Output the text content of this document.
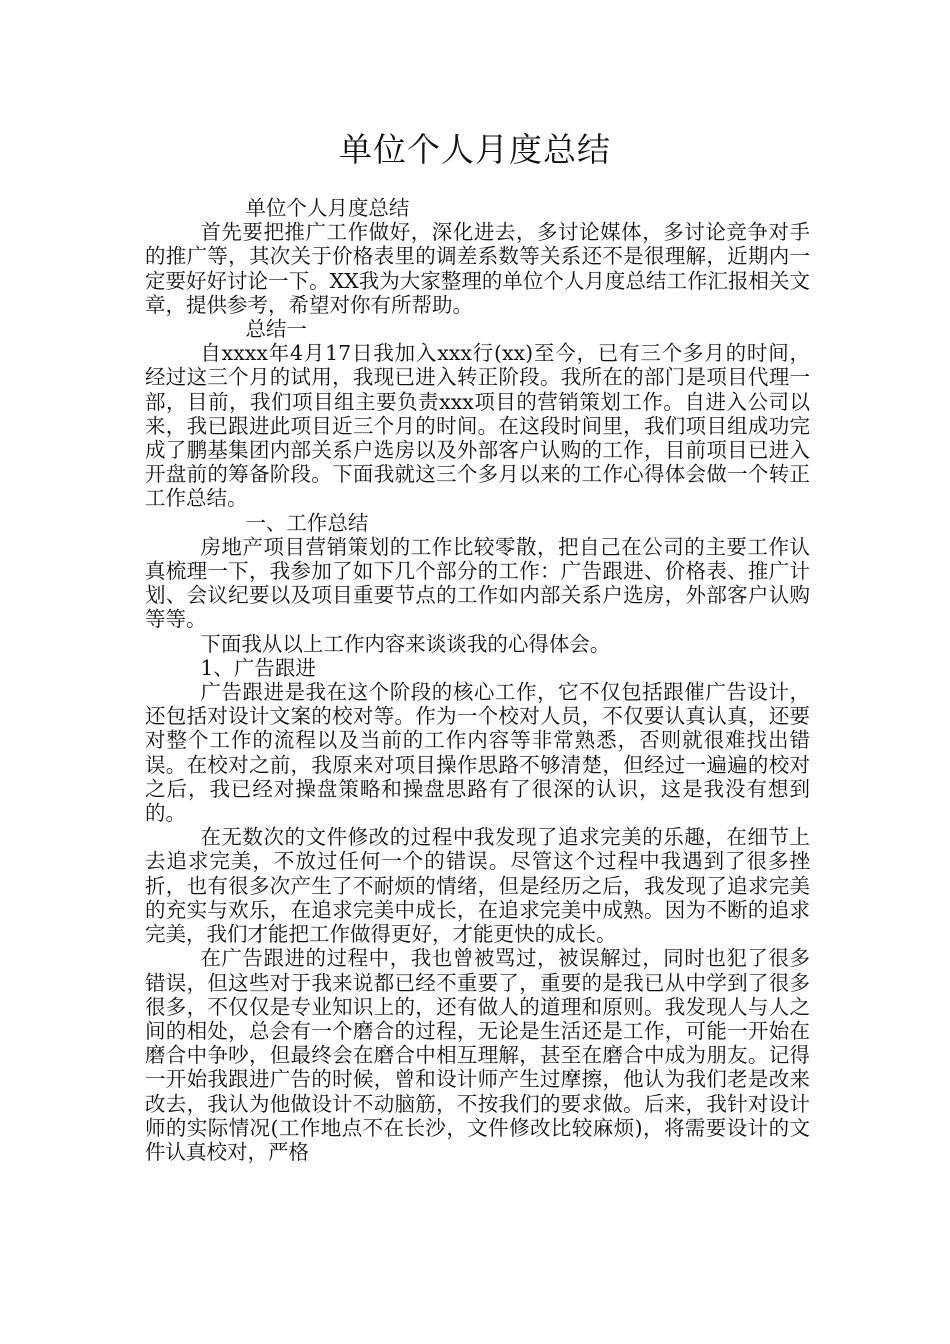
单位个人月度总结

单位个人月度总结

首先要把推广工作做好，深化进去，多讨论媒体，多讨论竞争对手的推广等，其次关于价格表里的调差系数等关系还不是很理解，近期内一定要好好讨论一下。XX我为大家整理的单位个人月度总结工作汇报相关文章，提供参考，希望对你有所帮助。

总结一

自xxxx年4月17日我加入xxx行(xx)至今，已有三个多月的时间，经过这三个月的试用，我现已进入转正阶段。我所在的部门是项目代理一部，目前，我们项目组主要负责xxx项目的营销策划工作。自进入公司以来，我已跟进此项目近三个月的时间。在这段时间里，我们项目组成功完成了鹏基集团内部关系户选房以及外部客户认购的工作，目前项目已进入开盘前的筹备阶段。下面我就这三个多月以来的工作心得体会做一个转正工作总结。

一、工作总结

房地产项目营销策划的工作比较零散，把自己在公司的主要工作认真梳理一下，我参加了如下几个部分的工作：广告跟进、价格表、推广计划、会议纪要以及项目重要节点的工作如内部关系户选房，外部客户认购等等。

下面我从以上工作内容来谈谈我的心得体会。

1、广告跟进

广告跟进是我在这个阶段的核心工作，它不仅包括跟催广告设计，还包括对设计文案的校对等。作为一个校对人员，不仅要认真认真，还要对整个工作的流程以及当前的工作内容等非常熟悉，否则就很难找出错误。在校对之前，我原来对项目操作思路不够清楚，但经过一遍遍的校对之后，我已经对操盘策略和操盘思路有了很深的认识，这是我没有想到的。

在无数次的文件修改的过程中我发现了追求完美的乐趣，在细节上去追求完美，不放过任何一个的错误。尽管这个过程中我遇到了很多挫折，也有很多次产生了不耐烦的情绪，但是经历之后，我发现了追求完美的充实与欢乐，在追求完美中成长，在追求完美中成熟。因为不断的追求完美，我们才能把工作做得更好，才能更快的成长。

在广告跟进的过程中，我也曾被骂过，被误解过，同时也犯了很多错误，但这些对于我来说都已经不重要了，重要的是我已从中学到了很多很多，不仅仅是专业知识上的，还有做人的道理和原则。我发现人与人之间的相处，总会有一个磨合的过程，无论是生活还是工作，可能一开始在磨合中争吵，但最终会在磨合中相互理解，甚至在磨合中成为朋友。记得一开始我跟进广告的时候，曾和设计师产生过摩擦，他认为我们老是改来改去，我认为他做设计不动脑筋，不按我们的要求做。后来，我针对设计师的实际情况(工作地点不在长沙，文件修改比较麻烦)，将需要设计的文件认真校对，严格
